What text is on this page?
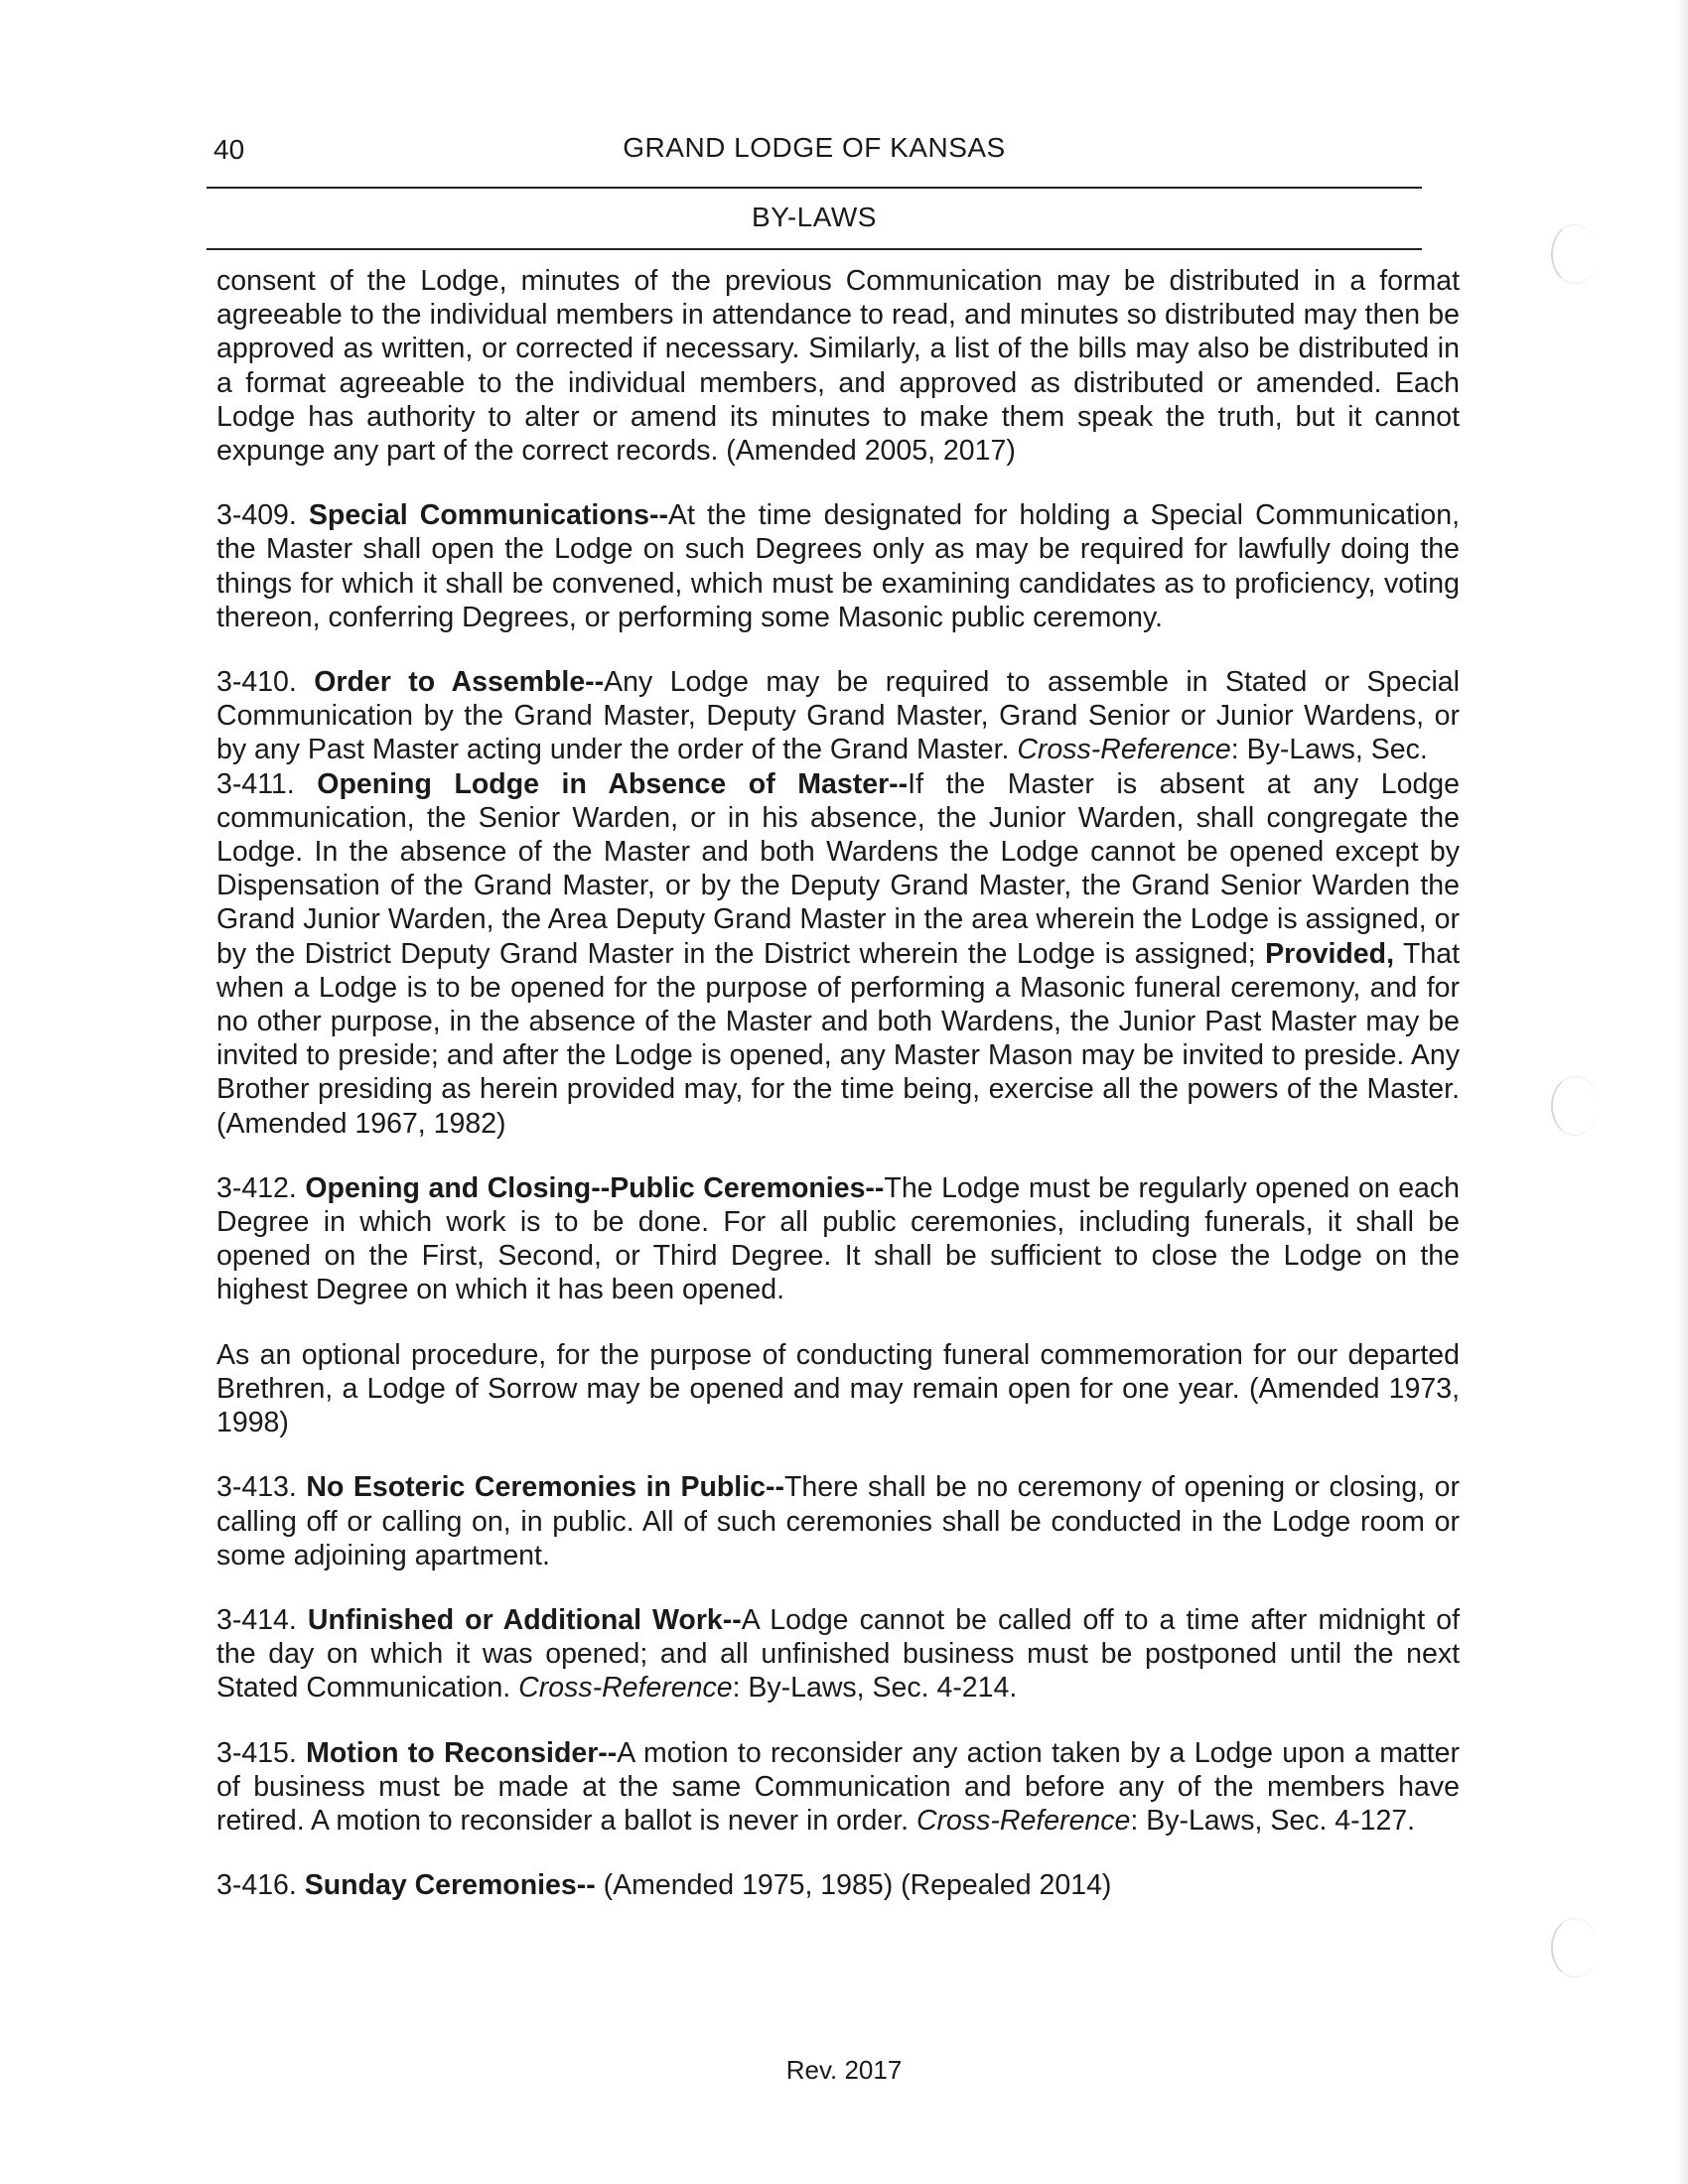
40	GRAND LODGE OF KANSAS
BY-LAWS

consent of the Lodge, minutes of the previous Communication may be distributed in a format agreeable to the individual members in attendance to read, and minutes so distributed may then be approved as written, or corrected if necessary. Similarly, a list of the bills may also be distributed in a format agreeable to the individual members, and approved as distributed or amended. Each Lodge has authority to alter or amend its minutes to make them speak the truth, but it cannot expunge any part of the correct records. (Amended 2005, 2017)

3-409. Special Communications--At the time designated for holding a Special Communication, the Master shall open the Lodge on such Degrees only as may be required for lawfully doing the things for which it shall be convened, which must be examining candidates as to proficiency, voting thereon, conferring Degrees, or performing some Masonic public ceremony.

3-410. Order to Assemble--Any Lodge may be required to assemble in Stated or Special Communication by the Grand Master, Deputy Grand Master, Grand Senior or Junior Wardens, or by any Past Master acting under the order of the Grand Master. Cross-Reference: By-Laws, Sec.

3-411. Opening Lodge in Absence of Master--If the Master is absent at any Lodge communication, the Senior Warden, or in his absence, the Junior Warden, shall congregate the Lodge. In the absence of the Master and both Wardens the Lodge cannot be opened except by Dispensation of the Grand Master, or by the Deputy Grand Master, the Grand Senior Warden the Grand Junior Warden, the Area Deputy Grand Master in the area wherein the Lodge is assigned, or by the District Deputy Grand Master in the District wherein the Lodge is assigned; Provided, That when a Lodge is to be opened for the purpose of performing a Masonic funeral ceremony, and for no other purpose, in the absence of the Master and both Wardens, the Junior Past Master may be invited to preside; and after the Lodge is opened, any Master Mason may be invited to preside. Any Brother presiding as herein provided may, for the time being, exercise all the powers of the Master. (Amended 1967, 1982)

3-412. Opening and Closing--Public Ceremonies--The Lodge must be regularly opened on each Degree in which work is to be done. For all public ceremonies, including funerals, it shall be opened on the First, Second, or Third Degree. It shall be sufficient to close the Lodge on the highest Degree on which it has been opened.

As an optional procedure, for the purpose of conducting funeral commemoration for our departed Brethren, a Lodge of Sorrow may be opened and may remain open for one year. (Amended 1973, 1998)

3-413. No Esoteric Ceremonies in Public--There shall be no ceremony of opening or closing, or calling off or calling on, in public. All of such ceremonies shall be conducted in the Lodge room or some adjoining apartment.

3-414. Unfinished or Additional Work--A Lodge cannot be called off to a time after midnight of the day on which it was opened; and all unfinished business must be postponed until the next Stated Communication. Cross-Reference: By-Laws, Sec. 4-214.

3-415. Motion to Reconsider--A motion to reconsider any action taken by a Lodge upon a matter of business must be made at the same Communication and before any of the members have retired. A motion to reconsider a ballot is never in order. Cross-Reference: By-Laws, Sec. 4-127.

3-416. Sunday Ceremonies-- (Amended 1975, 1985) (Repealed 2014)

Rev. 2017
